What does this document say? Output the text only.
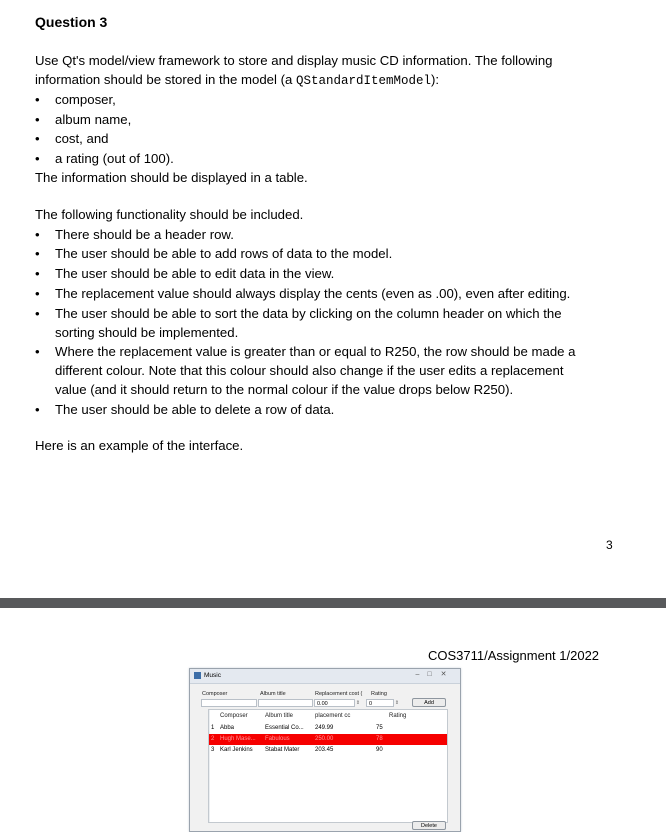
Question 3
Use Qt's model/view framework to store and display music CD information. The following
information should be stored in the model (a QStandardItemModel):
• composer,
• album name,
• cost, and
• a rating (out of 100).
The information should be displayed in a table.
The following functionality should be included.
• There should be a header row.
• The user should be able to add rows of data to the model.
• The user should be able to edit data in the view.
• The replacement value should always display the cents (even as .00), even after editing.
• The user should be able to sort the data by clicking on the column header on which the
sorting should be implemented.
• Where the replacement value is greater than or equal to R250, the row should be made a
different colour. Note that this colour should also change if the user edits a replacement
value (and it should return to the normal colour if the value drops below R250).
• The user should be able to delete a row of data.
Here is an example of the interface.
3
COS3711/Assignment 1/2022
Music	–	□	✕
Composer	Album title	Replacement cost ( Rating
0.00	⇕	0	⇕	Add
Composer	Album title	placement cc	Rating
1 Abba	Essential Co...	249.99	75
2 Hugh Mase...	Fabulous	250.00	78
3 Karl Jenkins	Stabat Mater	203.45	90
Delete
